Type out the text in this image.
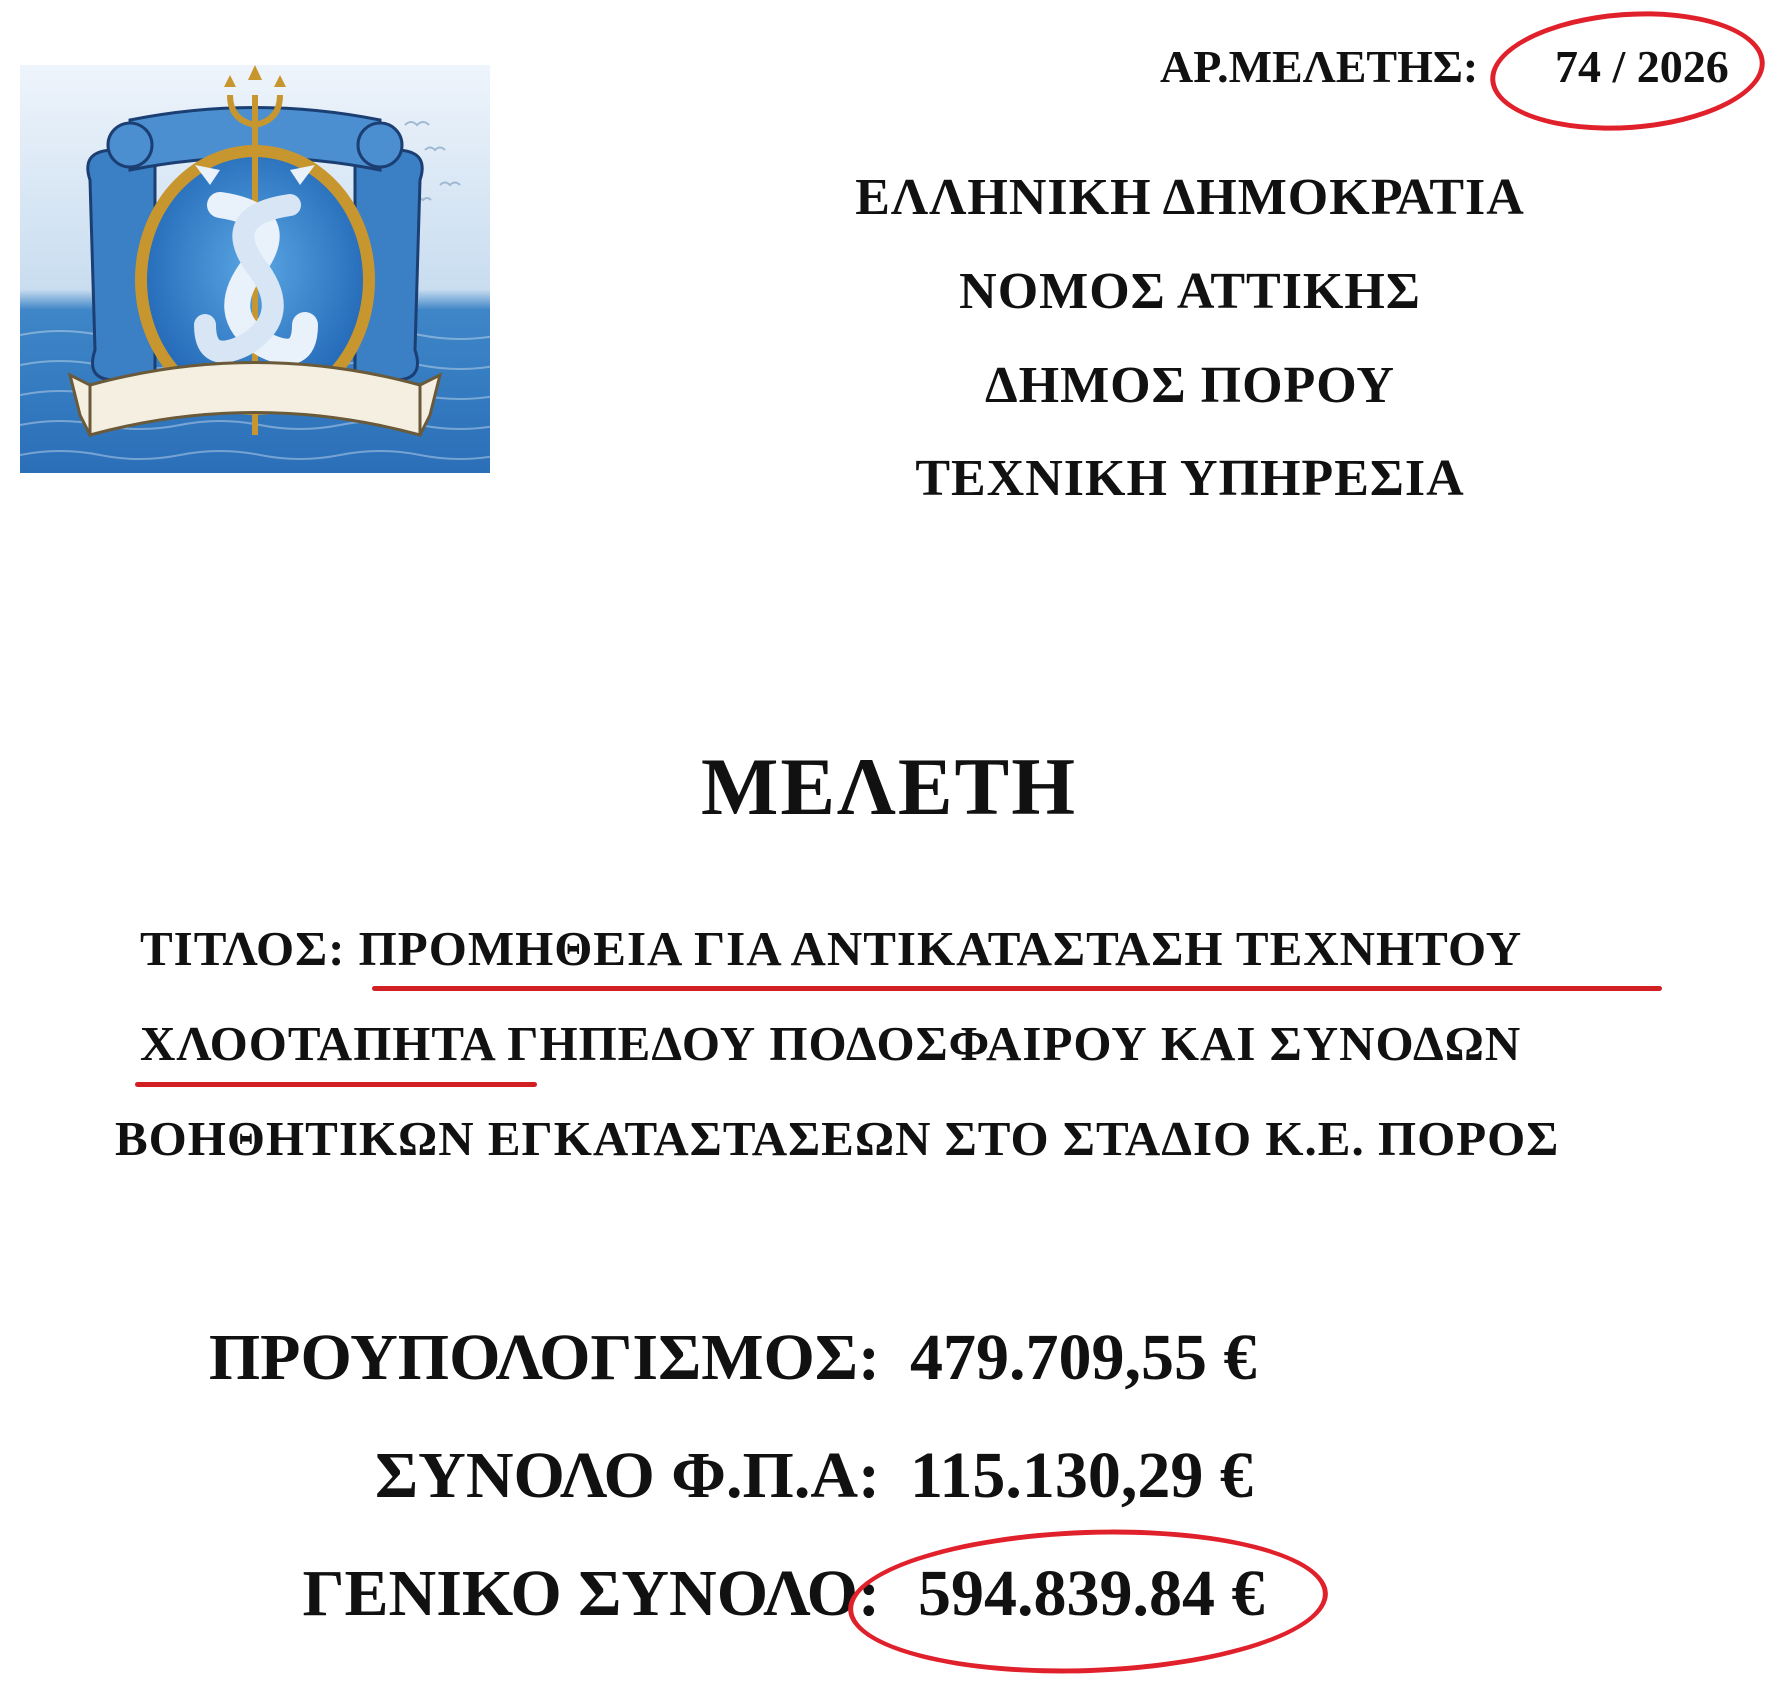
ΑΡ.ΜΕΛΕΤΗΣ: 74 / 2026
ΕΛΛΗΝΙΚΗ ΔΗΜΟΚΡΑΤΙΑ
ΝΟΜΟΣ ΑΤΤΙΚΗΣ
ΔΗΜΟΣ ΠΟΡΟΥ
ΤΕΧΝΙΚΗ ΥΠΗΡΕΣΙΑ
ΜΕΛΕΤΗ
ΤΙΤΛΟΣ: ΠΡΟΜΗΘΕΙΑ ΓΙΑ ΑΝΤΙΚΑΤΑΣΤΑΣΗ ΤΕΧΝΗΤΟΥ
ΧΛΟΟΤΑΠΗΤΑ ΓΗΠΕΔΟΥ ΠΟΔΟΣΦΑΙΡΟΥ ΚΑΙ ΣΥΝΟΔΩΝ
ΒΟΗΘΗΤΙΚΩΝ ΕΓΚΑΤΑΣΤΑΣΕΩΝ ΣΤΟ ΣΤΑΔΙΟ Κ.Ε. ΠΟΡΟΣ
ΠΡΟΥΠΟΛΟΓΙΣΜΟΣ: 479.709,55 €
ΣΥΝΟΛΟ Φ.Π.Α: 115.130,29 €
ΓΕΝΙΚΟ ΣΥΝΟΛΟ: 594.839.84 €
